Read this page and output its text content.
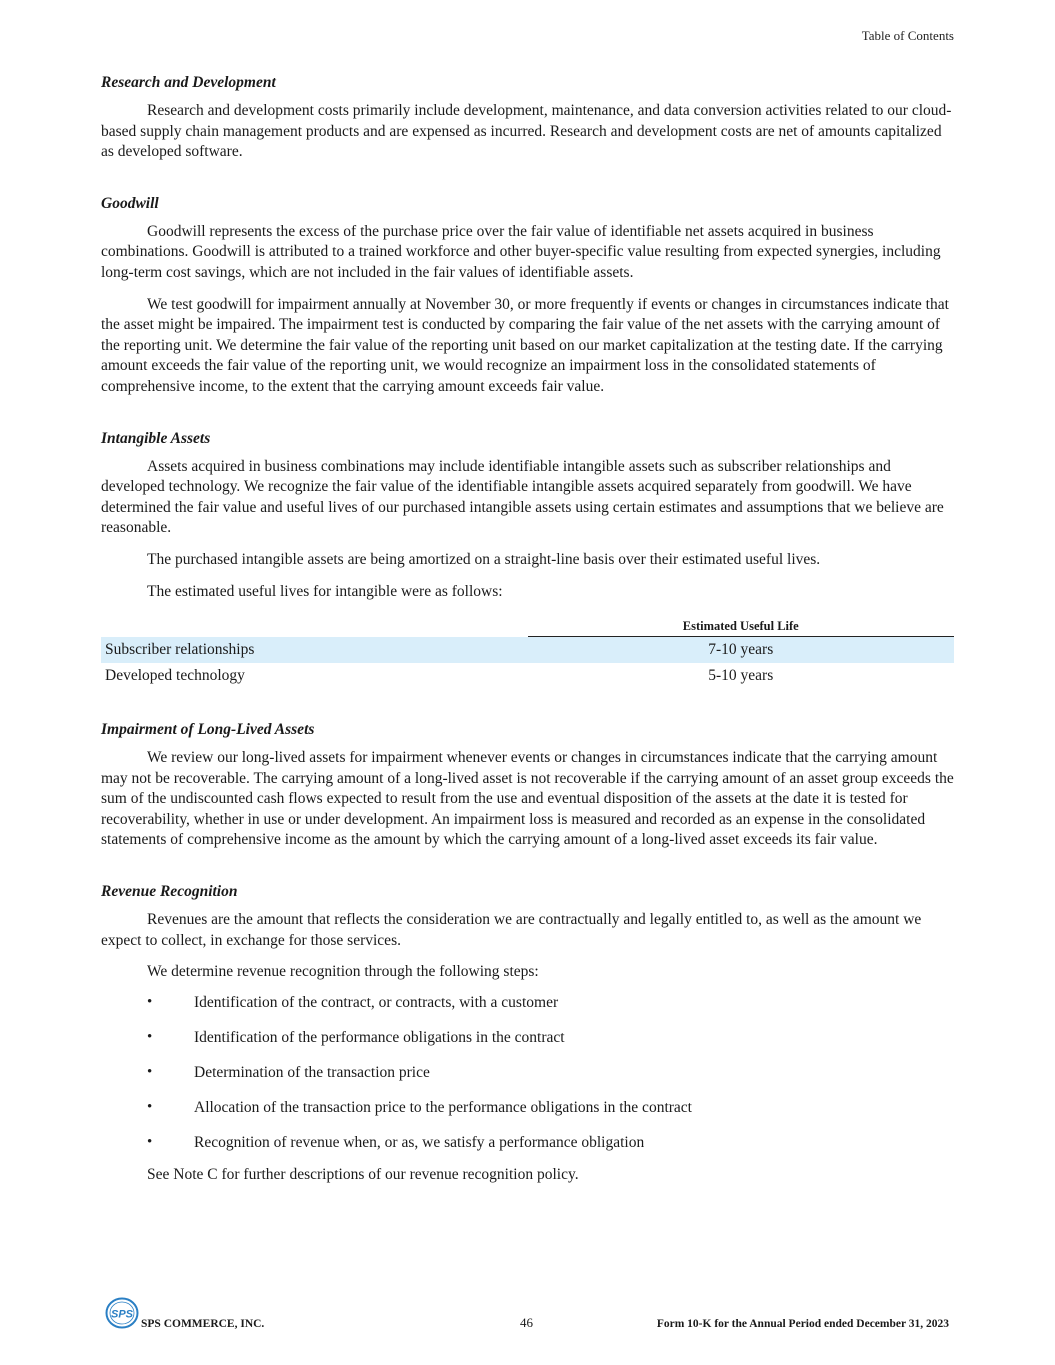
Table of Contents
Research and Development

Research and development costs primarily include development, maintenance, and data conversion activities related to our cloud-based supply chain management products and are expensed as incurred. Research and development costs are net of amounts capitalized as developed software.

Goodwill

Goodwill represents the excess of the purchase price over the fair value of identifiable net assets acquired in business combinations. Goodwill is attributed to a trained workforce and other buyer-specific value resulting from expected synergies, including long-term cost savings, which are not included in the fair values of identifiable assets.

We test goodwill for impairment annually at November 30, or more frequently if events or changes in circumstances indicate that the asset might be impaired. The impairment test is conducted by comparing the fair value of the net assets with the carrying amount of the reporting unit. We determine the fair value of the reporting unit based on our market capitalization at the testing date. If the carrying amount exceeds the fair value of the reporting unit, we would recognize an impairment loss in the consolidated statements of comprehensive income, to the extent that the carrying amount exceeds fair value.

Intangible Assets

Assets acquired in business combinations may include identifiable intangible assets such as subscriber relationships and developed technology. We recognize the fair value of the identifiable intangible assets acquired separately from goodwill. We have determined the fair value and useful lives of our purchased intangible assets using certain estimates and assumptions that we believe are reasonable.

The purchased intangible assets are being amortized on a straight-line basis over their estimated useful lives.

The estimated useful lives for intangible were as follows:

	Estimated Useful Life
Subscriber relationships	7-10 years
Developed technology	5-10 years
Impairment of Long-Lived Assets

We review our long-lived assets for impairment whenever events or changes in circumstances indicate that the carrying amount may not be recoverable. The carrying amount of a long-lived asset is not recoverable if the carrying amount of an asset group exceeds the sum of the undiscounted cash flows expected to result from the use and eventual disposition of the assets at the date it is tested for recoverability, whether in use or under development. An impairment loss is measured and recorded as an expense in the consolidated statements of comprehensive income as the amount by which the carrying amount of a long-lived asset exceeds its fair value.

Revenue Recognition

Revenues are the amount that reflects the consideration we are contractually and legally entitled to, as well as the amount we expect to collect, in exchange for those services.

We determine revenue recognition through the following steps:

•	Identification of the contract, or contracts, with a customer
•	Identification of the performance obligations in the contract
•	Determination of the transaction price
•	Allocation of the transaction price to the performance obligations in the contract
•	Recognition of revenue when, or as, we satisfy a performance obligation

See Note C for further descriptions of our revenue recognition policy.

SPS
SPS COMMERCE, INC.	46	Form 10-K for the Annual Period ended December 31, 2023
